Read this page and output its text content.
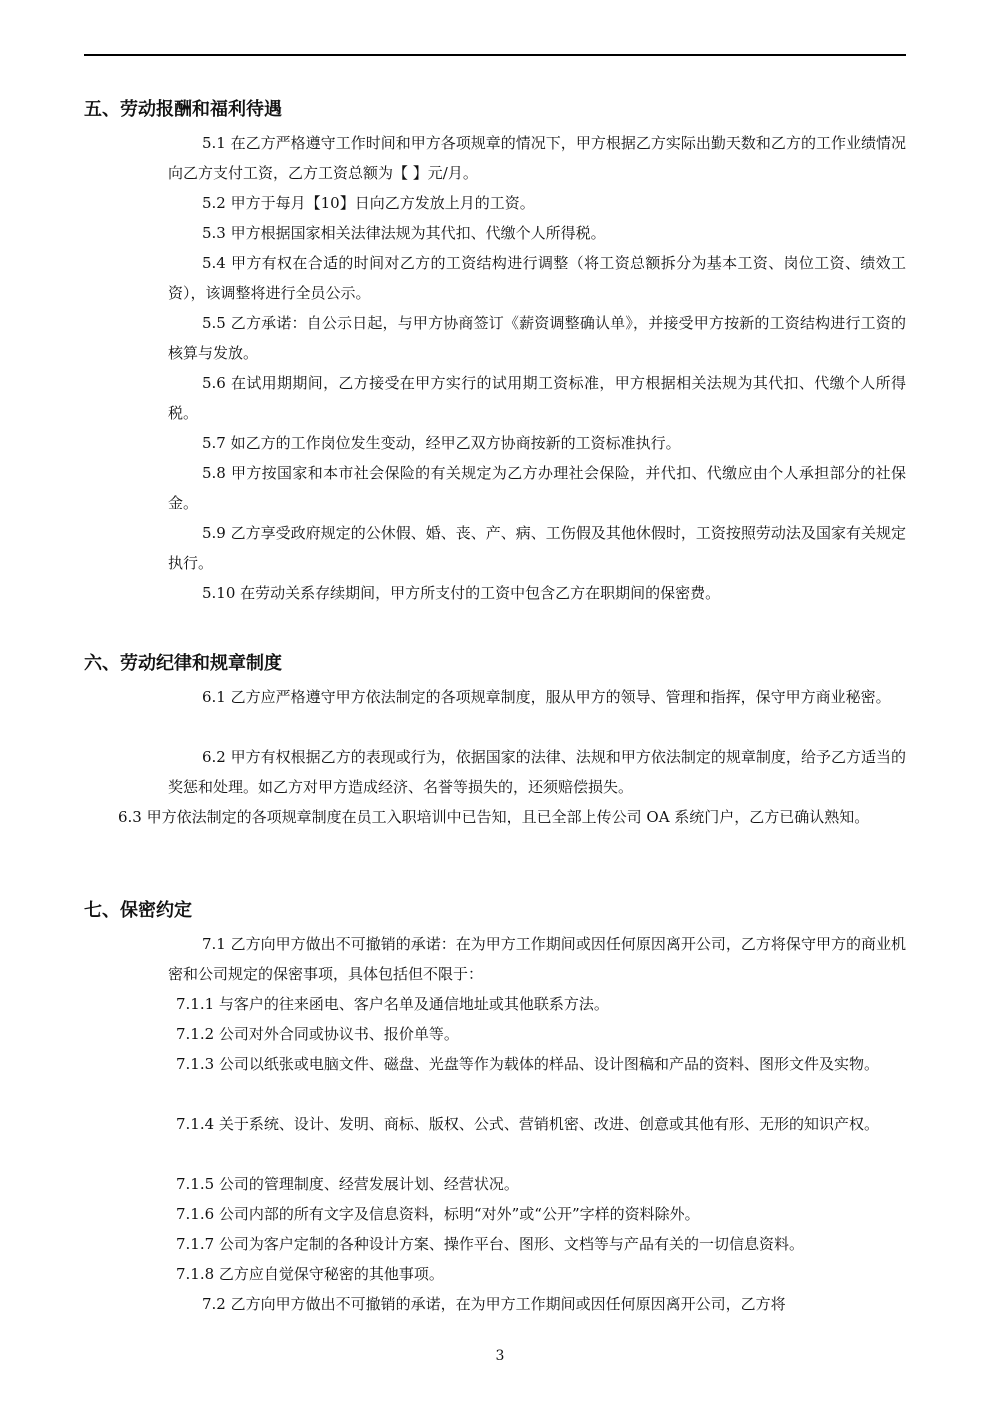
五、劳动报酬和福利待遇
5.1 在乙方严格遵守工作时间和甲方各项规章的情况下，甲方根据乙方实际出勤天数和乙方的工作业绩情况向乙方支付工资，乙方工资总额为【 】元/月。
5.2 甲方于每月【10】日向乙方发放上月的工资。
5.3 甲方根据国家相关法律法规为其代扣、代缴个人所得税。
5.4 甲方有权在合适的时间对乙方的工资结构进行调整（将工资总额拆分为基本工资、岗位工资、绩效工资），该调整将进行全员公示。
5.5 乙方承诺：自公示日起，与甲方协商签订《薪资调整确认单》，并接受甲方按新的工资结构进行工资的核算与发放。
5.6 在试用期期间，乙方接受在甲方实行的试用期工资标准，甲方根据相关法规为其代扣、代缴个人所得税。
5.7 如乙方的工作岗位发生变动，经甲乙双方协商按新的工资标准执行。
5.8 甲方按国家和本市社会保险的有关规定为乙方办理社会保险，并代扣、代缴应由个人承担部分的社保金。
5.9 乙方享受政府规定的公休假、婚、丧、产、病、工伤假及其他休假时，工资按照劳动法及国家有关规定执行。
5.10 在劳动关系存续期间，甲方所支付的工资中包含乙方在职期间的保密费。
六、劳动纪律和规章制度
6.1 乙方应严格遵守甲方依法制定的各项规章制度，服从甲方的领导、管理和指挥，保守甲方商业秘密。
6.2 甲方有权根据乙方的表现或行为，依据国家的法律、法规和甲方依法制定的规章制度，给予乙方适当的奖惩和处理。如乙方对甲方造成经济、名誉等损失的，还须赔偿损失。
6.3 甲方依法制定的各项规章制度在员工入职培训中已告知，且已全部上传公司 OA 系统门户，乙方已确认熟知。
七、保密约定
7.1 乙方向甲方做出不可撤销的承诺：在为甲方工作期间或因任何原因离开公司，乙方将保守甲方的商业机密和公司规定的保密事项，具体包括但不限于：
7.1.1 与客户的往来函电、客户名单及通信地址或其他联系方法。
7.1.2 公司对外合同或协议书、报价单等。
7.1.3 公司以纸张或电脑文件、磁盘、光盘等作为载体的样品、设计图稿和产品的资料、图形文件及实物。
7.1.4 关于系统、设计、发明、商标、版权、公式、营销机密、改进、创意或其他有形、无形的知识产权。
7.1.5 公司的管理制度、经营发展计划、经营状况。
7.1.6 公司内部的所有文字及信息资料，标明“对外”或“公开”字样的资料除外。
7.1.7 公司为客户定制的各种设计方案、操作平台、图形、文档等与产品有关的一切信息资料。
7.1.8 乙方应自觉保守秘密的其他事项。
7.2 乙方向甲方做出不可撤销的承诺，在为甲方工作期间或因任何原因离开公司，乙方将
3
